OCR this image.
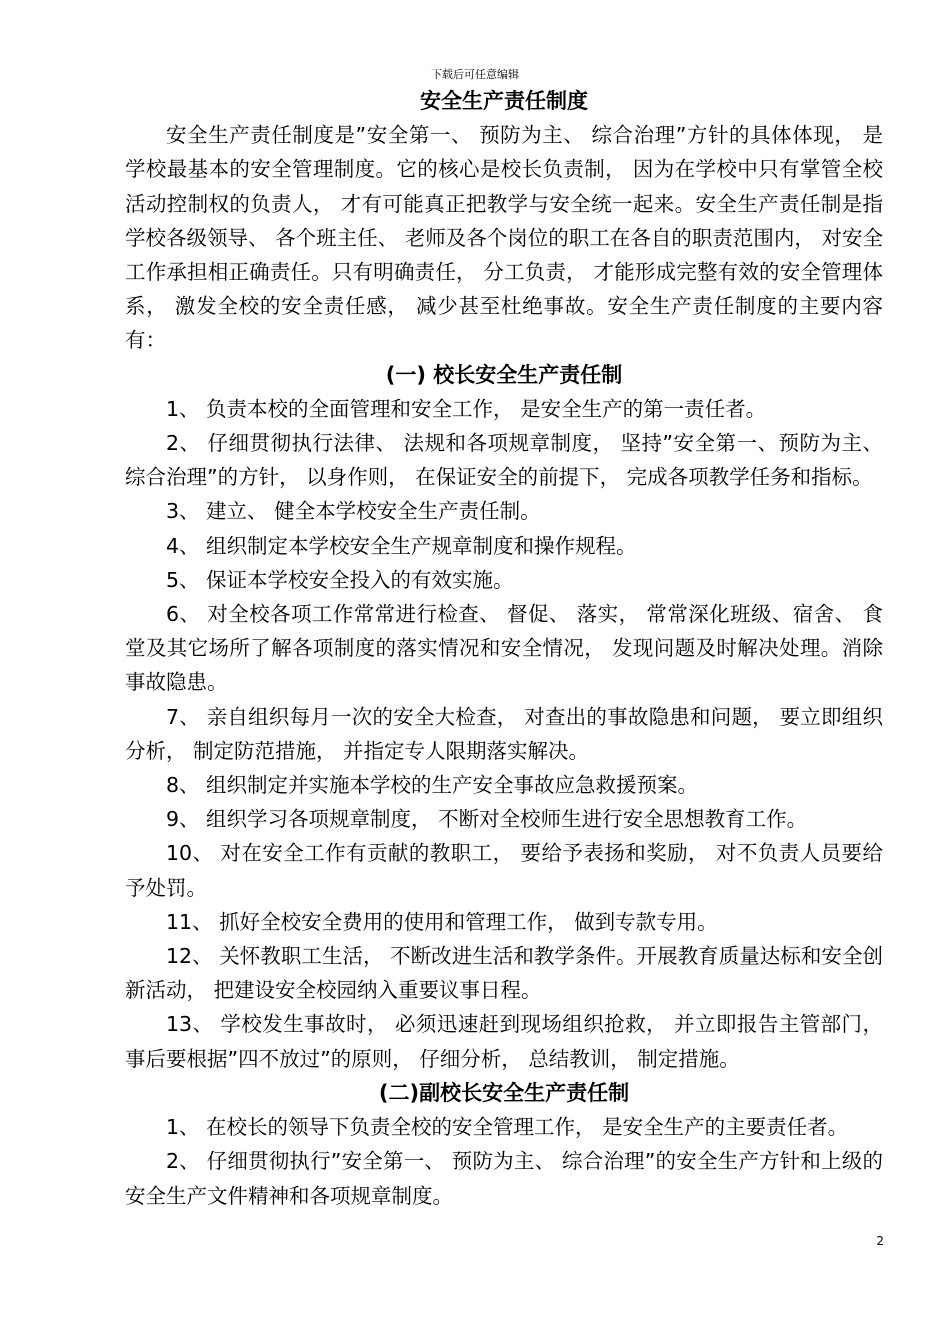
下载后可任意编辑
安全生产责任制度

安全生产责任制度是”安全第一、 预防为主、 综合治理”方针的具体体现， 是学校最基本的安全管理制度。它的核心是校长负责制， 因为在学校中只有掌管全校活动控制权的负责人， 才有可能真正把教学与安全统一起来。安全生产责任制是指学校各级领导、 各个班主任、 老师及各个岗位的职工在各自的职责范围内， 对安全工作承担相正确责任。只有明确责任， 分工负责， 才能形成完整有效的安全管理体系， 激发全校的安全责任感， 减少甚至杜绝事故。安全生产责任制度的主要内容有：

(一) 校长安全生产责任制

1、 负责本校的全面管理和安全工作， 是安全生产的第一责任者。

2、 仔细贯彻执行法律、 法规和各项规章制度， 坚持”安全第一、预防为主、 综合治理”的方针， 以身作则， 在保证安全的前提下， 完成各项教学任务和指标。

3、 建立、 健全本学校安全生产责任制。

4、 组织制定本学校安全生产规章制度和操作规程。

5、 保证本学校安全投入的有效实施。

6、 对全校各项工作常常进行检查、 督促、 落实， 常常深化班级、宿舍、 食堂及其它场所了解各项制度的落实情况和安全情况， 发现问题及时解决处理。消除事故隐患。

7、 亲自组织每月一次的安全大检查， 对查出的事故隐患和问题， 要立即组织分析， 制定防范措施， 并指定专人限期落实解决。

8、 组织制定并实施本学校的生产安全事故应急救援预案。

9、 组织学习各项规章制度， 不断对全校师生进行安全思想教育工作。

10、 对在安全工作有贡献的教职工， 要给予表扬和奖励， 对不负责人员要给予处罚。

11、 抓好全校安全费用的使用和管理工作， 做到专款专用。

12、 关怀教职工生活， 不断改进生活和教学条件。开展教育质量达标和安全创新活动， 把建设安全校园纳入重要议事日程。

13、 学校发生事故时， 必须迅速赶到现场组织抢救， 并立即报告主管部门， 事后要根据”四不放过”的原则， 仔细分析， 总结教训， 制定措施。

(二)副校长安全生产责任制

1、 在校长的领导下负责全校的安全管理工作， 是安全生产的主要责任者。

2、 仔细贯彻执行”安全第一、 预防为主、 综合治理”的安全生产方针和上级的安全生产文件精神和各项规章制度。

2
